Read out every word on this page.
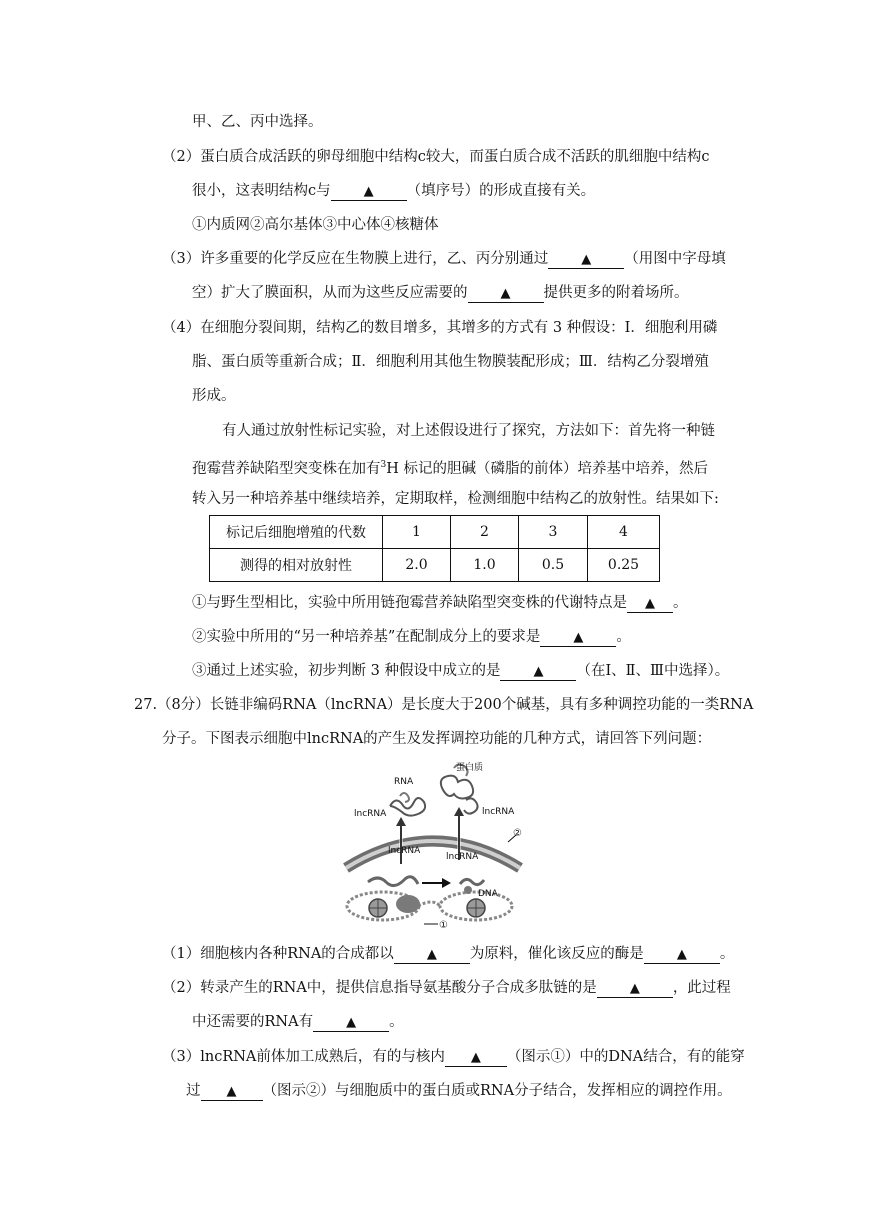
甲、乙、丙中选择。
（2）蛋白质合成活跃的卵母细胞中结构c较大，而蛋白质合成不活跃的肌细胞中结构c
很小，这表明结构c与	▲ （填序号）的形成直接有关。
①内质网②高尔基体③中心体④核糖体
（3）许多重要的化学反应在生物膜上进行，乙、丙分别通过	▲ （用图中字母填
空）扩大了膜面积，从而为这些反应需要的	▲ 提供更多的附着场所。
（4）在细胞分裂间期，结构乙的数目增多，其增多的方式有 3 种假设：Ⅰ．细胞利用磷
脂、蛋白质等重新合成；Ⅱ．细胞利用其他生物膜装配形成；Ⅲ．结构乙分裂增殖
形成。
有人通过放射性标记实验，对上述假设进行了探究，方法如下：首先将一种链
孢霉营养缺陷型突变株在加有$^3$H 标记的胆碱（磷脂的前体）培养基中培养，然后
转入另一种培养基中继续培养，定期取样，检测细胞中结构乙的放射性。结果如下:
标记后细胞增殖的代数	1	2	3	4
测得的相对放射性	2.0	1.0	0.5	0.25
①与野生型相比，实验中所用链孢霉营养缺陷型突变株的代谢特点是 ▲ 。
②实验中所用的“另一种培养基”在配制成分上的要求是	▲ 。
③通过上述实验，初步判断 3 种假设中成立的是	▲ （在Ⅰ、Ⅱ、Ⅲ中选择）。
27.（8分）长链非编码RNA（lncRNA）是长度大于200个碱基，具有多种调控功能的一类RNA
分子。下图表示细胞中lncRNA的产生及发挥调控功能的几种方式，请回答下列问题：
蛋白质
RNA
lncRNA	lncRNA
lncRNA
lncRNA
DNA
①
②
（1）细胞核内各种RNA的合成都以	▲ 为原料，催化该反应的酶是	▲ 。
（2）转录产生的RNA中，提供信息指导氨基酸分子合成多肽链的是	▲ ，此过程
中还需要的RNA有	▲ 。
（3）lncRNA前体加工成熟后，有的与核内 ▲ （图示①）中的DNA结合，有的能穿
过 ▲ （图示②）与细胞质中的蛋白质或RNA分子结合，发挥相应的调控作用。
